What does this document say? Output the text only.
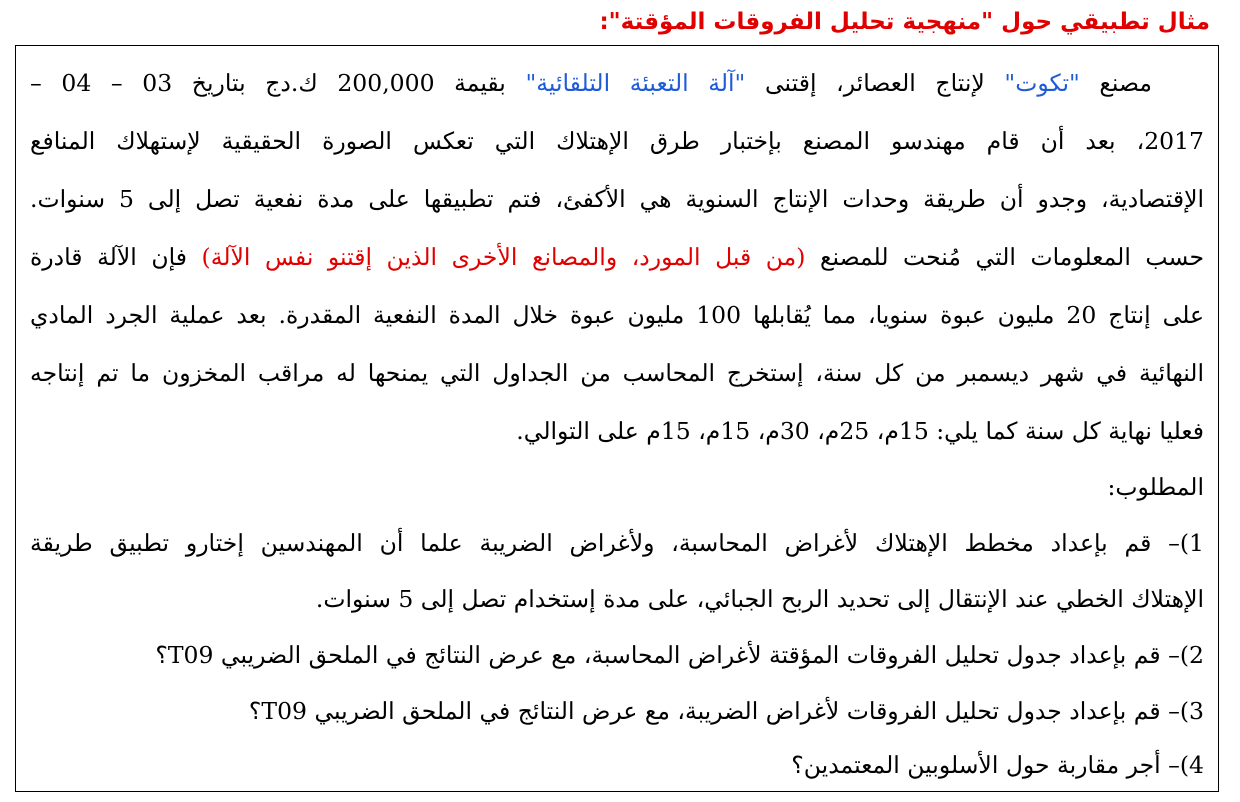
مثال تطبيقي حول "منهجية تحليل الفروقات المؤقتة":
مصنع "تكوت" لإنتاج العصائر، إقتنى "آلة التعبئة التلقائية" بقيمة 200,000 ك.دج بتاريخ 03 – 04 –
2017، بعد أن قام مهندسو المصنع بإختبار طرق الإهتلاك التي تعكس الصورة الحقيقية لإستهلاك المنافع
الإقتصادية، وجدو أن طريقة وحدات الإنتاج السنوية هي الأكفئ، فتم تطبيقها على مدة نفعية تصل إلى 5 سنوات.
حسب المعلومات التي مُنحت للمصنع (من قبل المورد، والمصانع الأخرى الذين إقتنو نفس الآلة) فإن الآلة قادرة
على إنتاج 20 مليون عبوة سنويا، مما يُقابلها 100 مليون عبوة خلال المدة النفعية المقدرة. بعد عملية الجرد المادي
النهائية في شهر ديسمبر من كل سنة، إستخرج المحاسب من الجداول التي يمنحها له مراقب المخزون ما تم إنتاجه
فعليا نهاية كل سنة كما يلي: 15م، 25م، 30م، 15م، 15م على التوالي.
المطلوب:
1)– قم بإعداد مخطط الإهتلاك لأغراض المحاسبة، ولأغراض الضريبة علما أن المهندسين إختارو تطبيق طريقة
الإهتلاك الخطي عند الإنتقال إلى تحديد الربح الجبائي، على مدة إستخدام تصل إلى 5 سنوات.
2)– قم بإعداد جدول تحليل الفروقات المؤقتة لأغراض المحاسبة، مع عرض النتائج في الملحق الضريبي T09؟
3)– قم بإعداد جدول تحليل الفروقات لأغراض الضريبة، مع عرض النتائج في الملحق الضريبي T09؟
4)– أجر مقاربة حول الأسلوبين المعتمدين؟
